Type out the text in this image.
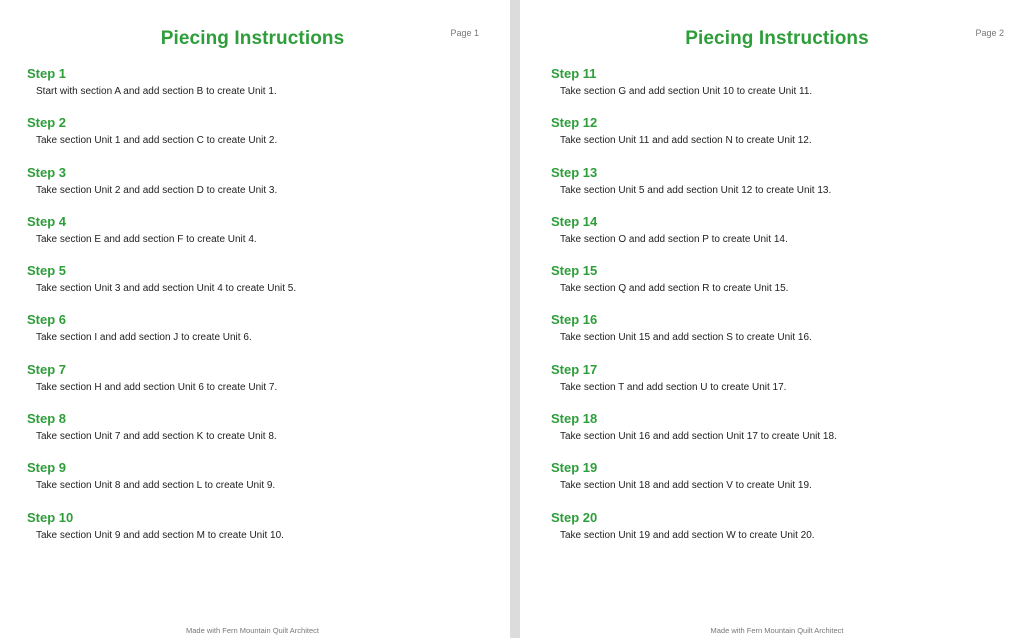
Piecing Instructions	Page 1
Step 1
Start with section A and add section B to create Unit 1.
Step 2
Take section Unit 1 and add section C to create Unit 2.
Step 3
Take section Unit 2 and add section D to create Unit 3.
Step 4
Take section E and add section F to create Unit 4.
Step 5
Take section Unit 3 and add section Unit 4 to create Unit 5.
Step 6
Take section I and add section J to create Unit 6.
Step 7
Take section H and add section Unit 6 to create Unit 7.
Step 8
Take section Unit 7 and add section K to create Unit 8.
Step 9
Take section Unit 8 and add section L to create Unit 9.
Step 10
Take section Unit 9 and add section M to create Unit 10.
Made with Fern Mountain Quilt Architect
Piecing Instructions	Page 2
Step 11
Take section G and add section Unit 10 to create Unit 11.
Step 12
Take section Unit 11 and add section N to create Unit 12.
Step 13
Take section Unit 5 and add section Unit 12 to create Unit 13.
Step 14
Take section O and add section P to create Unit 14.
Step 15
Take section Q and add section R to create Unit 15.
Step 16
Take section Unit 15 and add section S to create Unit 16.
Step 17
Take section T and add section U to create Unit 17.
Step 18
Take section Unit 16 and add section Unit 17 to create Unit 18.
Step 19
Take section Unit 18 and add section V to create Unit 19.
Step 20
Take section Unit 19 and add section W to create Unit 20.
Made with Fern Mountain Quilt Architect
